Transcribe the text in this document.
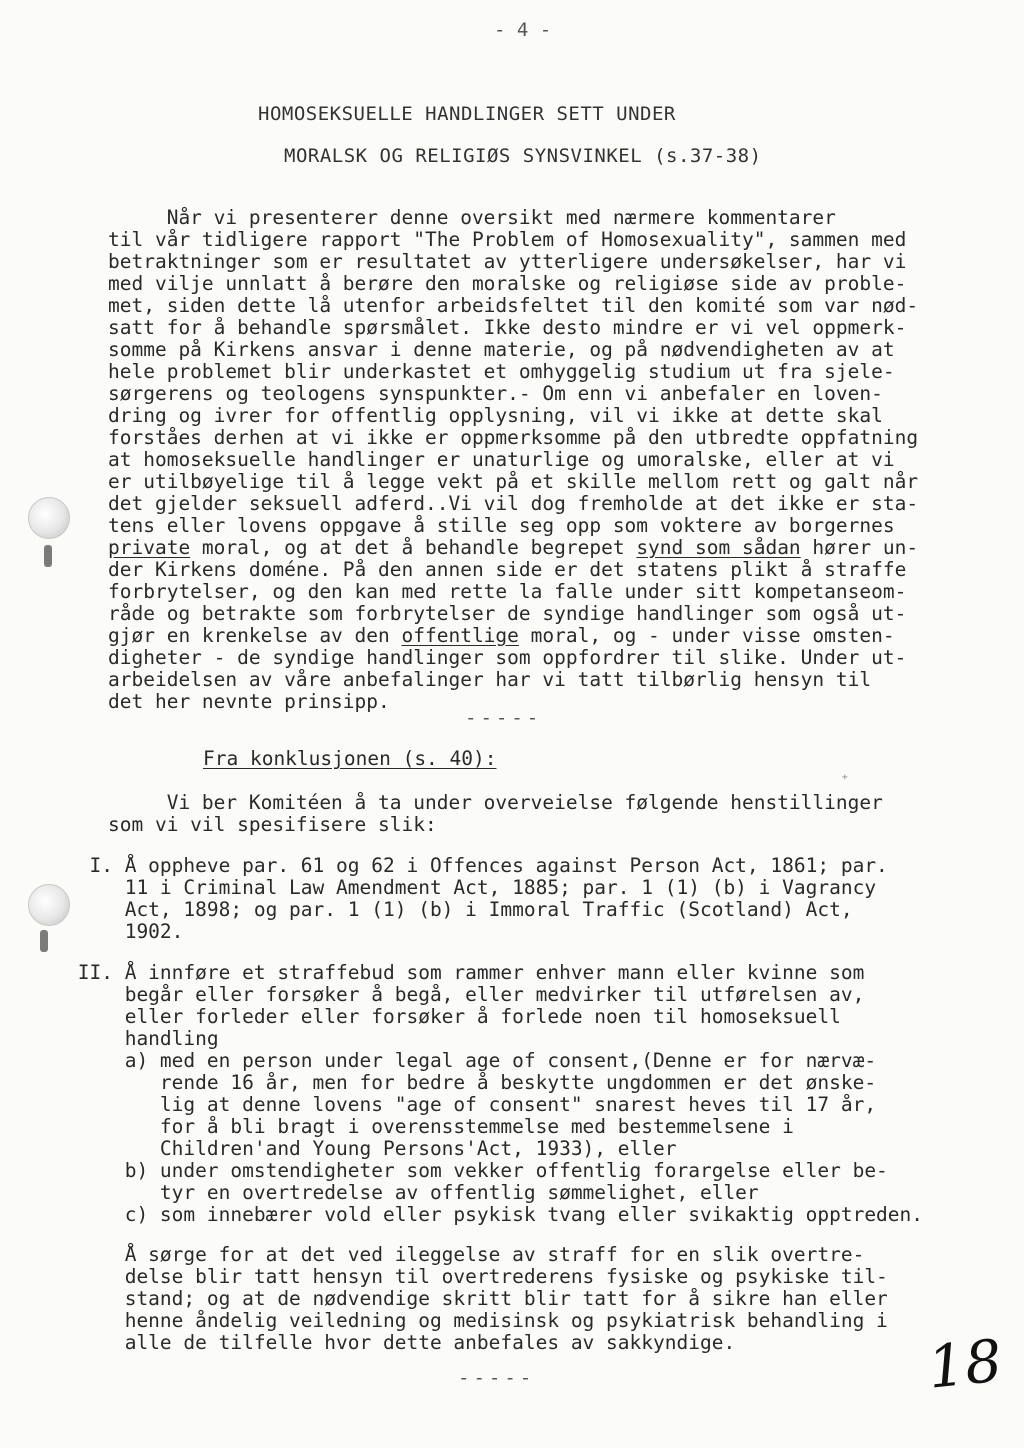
- 4 -
HOMOSEKSUELLE HANDLINGER SETT UNDER
MORALSK OG RELIGIØS SYNSVINKEL (s.37-38)
Når vi presenterer denne oversikt med nærmere kommentarer
til vår tidligere rapport "The Problem of Homosexuality", sammen med
betraktninger som er resultatet av ytterligere undersøkelser, har vi
med vilje unnlatt å berøre den moralske og religiøse side av proble-
met, siden dette lå utenfor arbeidsfeltet til den komité som var nød-
satt for å behandle spørsmålet. Ikke desto mindre er vi vel oppmerk-
somme på Kirkens ansvar i denne materie, og på nødvendigheten av at
hele problemet blir underkastet et omhyggelig studium ut fra sjele-
sørgerens og teologens synspunkter.- Om enn vi anbefaler en loven-
dring og ivrer for offentlig opplysning, vil vi ikke at dette skal
forståes derhen at vi ikke er oppmerksomme på den utbredte oppfatning
at homoseksuelle handlinger er unaturlige og umoralske, eller at vi
er utilbøyelige til å legge vekt på et skille mellom rett og galt når
det gjelder seksuell adferd..Vi vil dog fremholde at det ikke er sta-
tens eller lovens oppgave å stille seg opp som voktere av borgernes
private moral, og at det å behandle begrepet synd som sådan hører un-
der Kirkens doméne. På den annen side er det statens plikt å straffe
forbrytelser, og den kan med rette la falle under sitt kompetanseom-
råde og betrakte som forbrytelser de syndige handlinger som også ut-
gjør en krenkelse av den offentlige moral, og - under visse omsten-
digheter - de syndige handlinger som oppfordrer til slike. Under ut-
arbeidelsen av våre anbefalinger har vi tatt tilbørlig hensyn til
det her nevnte prinsipp.
-----
Fra konklusjonen (s. 40):
⁺
Vi ber Komitéen å ta under overveielse følgende henstillinger
som vi vil spesifisere slik:
I. Å oppheve par. 61 og 62 i Offences against Person Act, 1861; par.
11 i Criminal Law Amendment Act, 1885; par. 1 (1) (b) i Vagrancy
Act, 1898; og par. 1 (1) (b) i Immoral Traffic (Scotland) Act,
1902.
II. Å innføre et straffebud som rammer enhver mann eller kvinne som
begår eller forsøker å begå, eller medvirker til utførelsen av,
eller forleder eller forsøker å forlede noen til homoseksuell
handling
a) med en person under legal age of consent,(Denne er for nærvæ-
rende 16 år, men for bedre å beskytte ungdommen er det ønske-
lig at denne lovens "age of consent" snarest heves til 17 år,
for å bli bragt i overensstemmelse med bestemmelsene i
Children'and Young Persons'Act, 1933), eller
b) under omstendigheter som vekker offentlig forargelse eller be-
tyr en overtredelse av offentlig sømmelighet, eller
c) som innebærer vold eller psykisk tvang eller svikaktig opptreden.
Å sørge for at det ved ileggelse av straff for en slik overtre-
delse blir tatt hensyn til overtrederens fysiske og psykiske til-
stand; og at de nødvendige skritt blir tatt for å sikre han eller
henne åndelig veiledning og medisinsk og psykiatrisk behandling i
alle de tilfelle hvor dette anbefales av sakkyndige.
-----	18
